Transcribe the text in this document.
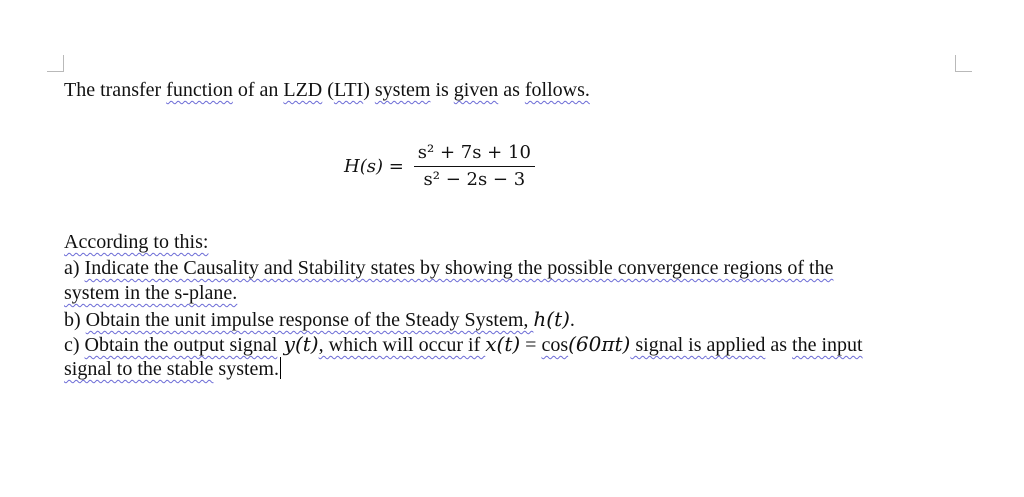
The transfer function of an LZD (LTI) system is given as follows.
$H(s) = \frac{\text{s² + 7s + 10}}{\text{s² − 2s − 3}}$
According to this:
a) Indicate the Causality and Stability states by showing the possible convergence regions of the
system in the s-plane.
b) Obtain the unit impulse response of the Steady System, h(t).
c) Obtain the output signal y(t), which will occur if x(t) = cos(60πt) signal is applied as the input
signal to the stable system.
